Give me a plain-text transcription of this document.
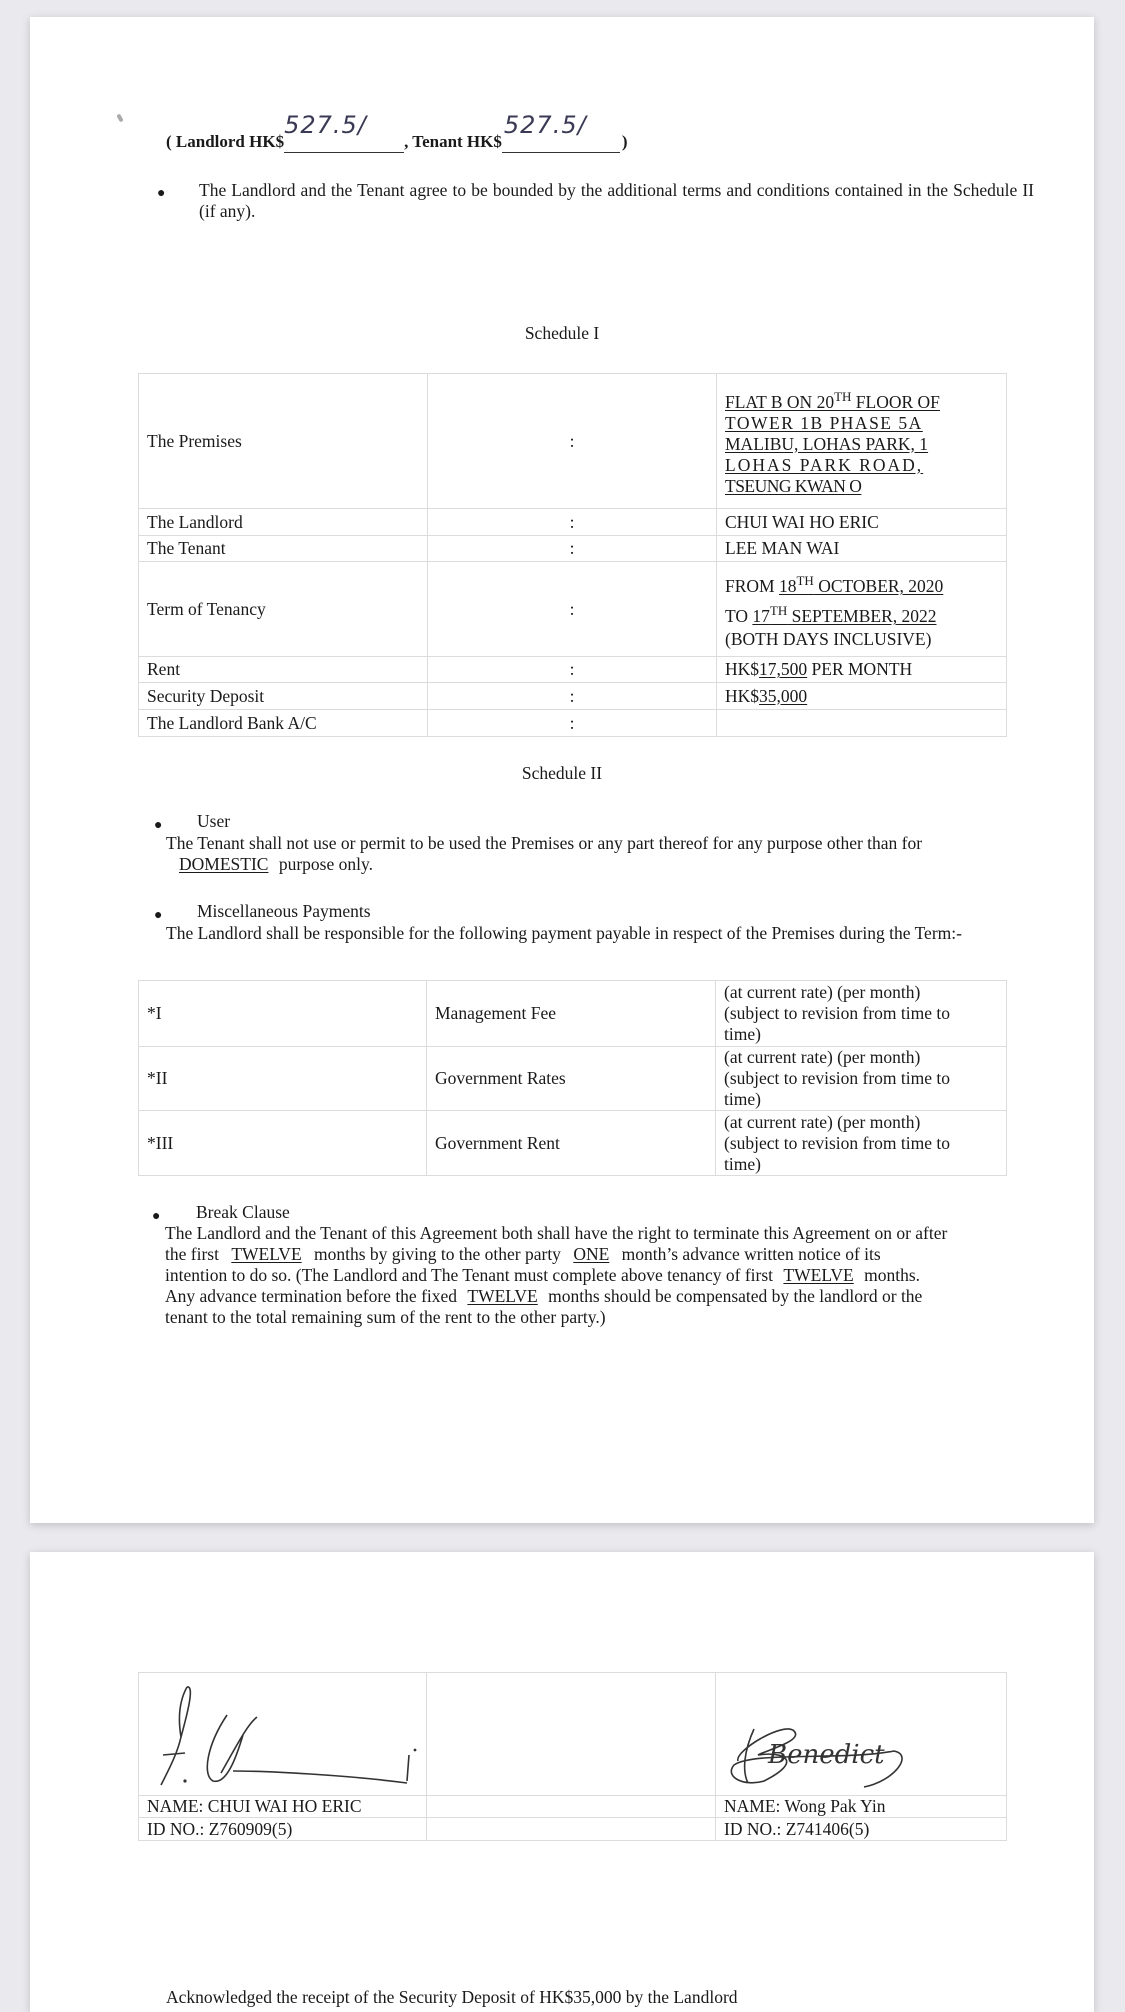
( Landlord HK$
527.5/
, Tenant HK$
527.5/
)
● The Landlord and the Tenant agree to be bounded by the additional terms and conditions contained in the Schedule II (if any).
Schedule I
The Premises	:	FLAT B ON 20TH FLOOR OF
TOWER 1B PHASE 5A
MALIBU, LOHAS PARK, 1
LOHAS PARK ROAD,
TSEUNG KWAN O

The Landlord	:	CHUI WAI HO ERIC
The Tenant	:	LEE MAN WAI
Term of Tenancy	:	FROM 18TH OCTOBER, 2020
TO 17TH SEPTEMBER, 2022
(BOTH DAYS INCLUSIVE)

Rent	:	HK$17,500 PER MONTH
Security Deposit	:	HK$35,000
The Landlord Bank A/C	:	
Schedule II
● User
The Tenant shall not use or permit to be used the Premises or any part thereof for any purpose other than for
DOMESTIC purpose only.
● Miscellaneous Payments
The Landlord shall be responsible for the following payment payable in respect of the Premises during the Term:-
*I	Management Fee	(at current rate) (per month)
(subject to revision from time to
time)

*II	Government Rates	(at current rate) (per month)
(subject to revision from time to
time)

*III	Government Rent	(at current rate) (per month)
(subject to revision from time to
time)
● Break Clause
The Landlord and the Tenant of this Agreement both shall have the right to terminate this Agreement on or after
the first TWELVE months by giving to the other party ONE month’s advance written notice of its
intention to do so. (The Landlord and The Tenant must complete above tenancy of first TWELVE months.
Any advance termination before the fixed TWELVE months should be compensated by the landlord or the
tenant to the total remaining sum of the rent to the other party.)

Benedict

NAME: CHUI WAI HO ERIC		NAME: Wong Pak Yin
ID NO.: Z760909(5)		ID NO.: Z741406(5)
Acknowledged the receipt of the Security Deposit of HK$35,000 by the Landlord
